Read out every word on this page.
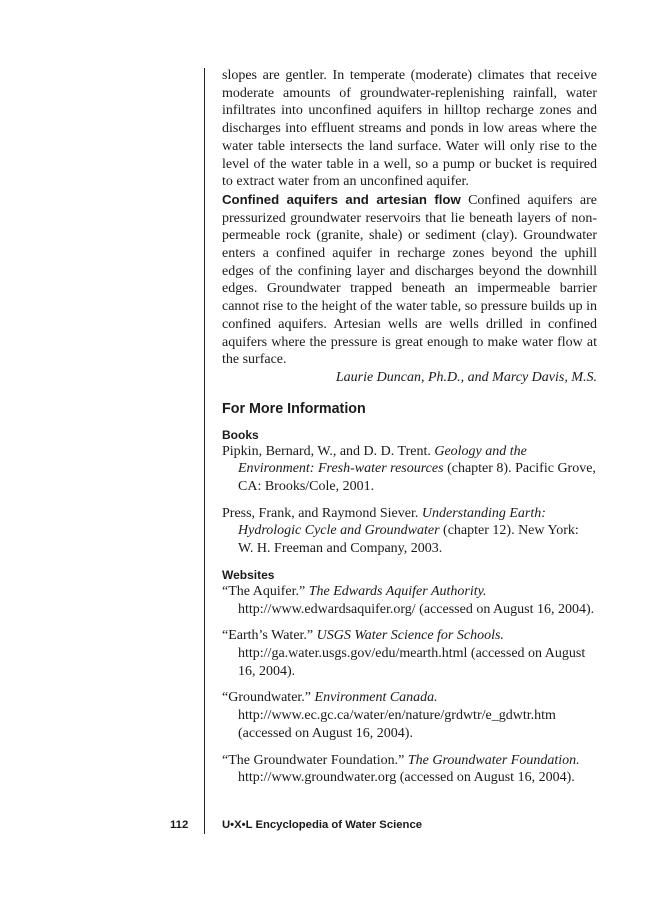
slopes are gentler. In temperate (moderate) climates that receive moderate amounts of groundwater-replenishing rainfall, water infiltrates into unconfined aquifers in hilltop recharge zones and discharges into effluent streams and ponds in low areas where the water table intersects the land surface. Water will only rise to the level of the water table in a well, so a pump or bucket is required to extract water from an unconfined aquifer.

Confined aquifers and artesian flow Confined aquifers are pressurized groundwater reservoirs that lie beneath layers of non-permeable rock (granite, shale) or sediment (clay). Groundwater enters a confined aquifer in recharge zones beyond the uphill edges of the confining layer and discharges beyond the downhill edges. Groundwater trapped beneath an impermeable barrier cannot rise to the height of the water table, so pressure builds up in confined aquifers. Artesian wells are wells drilled in confined aquifers where the pressure is great enough to make water flow at the surface.

Laurie Duncan, Ph.D., and Marcy Davis, M.S.

For More Information
Books

Pipkin, Bernard, W., and D. D. Trent. Geology and the Environment: Fresh-water resources (chapter 8). Pacific Grove, CA: Brooks/Cole, 2001.

Press, Frank, and Raymond Siever. Understanding Earth: Hydrologic Cycle and Groundwater (chapter 12). New York: W. H. Freeman and Company, 2003.

Websites

“The Aquifer.” The Edwards Aquifer Authority. http://www.edwardsaquifer.org/ (accessed on August 16, 2004).

“Earth’s Water.” USGS Water Science for Schools. http://ga.water.usgs.gov/edu/mearth.html (accessed on August 16, 2004).

“Groundwater.” Environment Canada. http://www.ec.gc.ca/water/en/nature/grdwtr/e_gdwtr.htm (accessed on August 16, 2004).

“The Groundwater Foundation.” The Groundwater Foundation. http://www.groundwater.org (accessed on August 16, 2004).

112	U•X•L Encyclopedia of Water Science
